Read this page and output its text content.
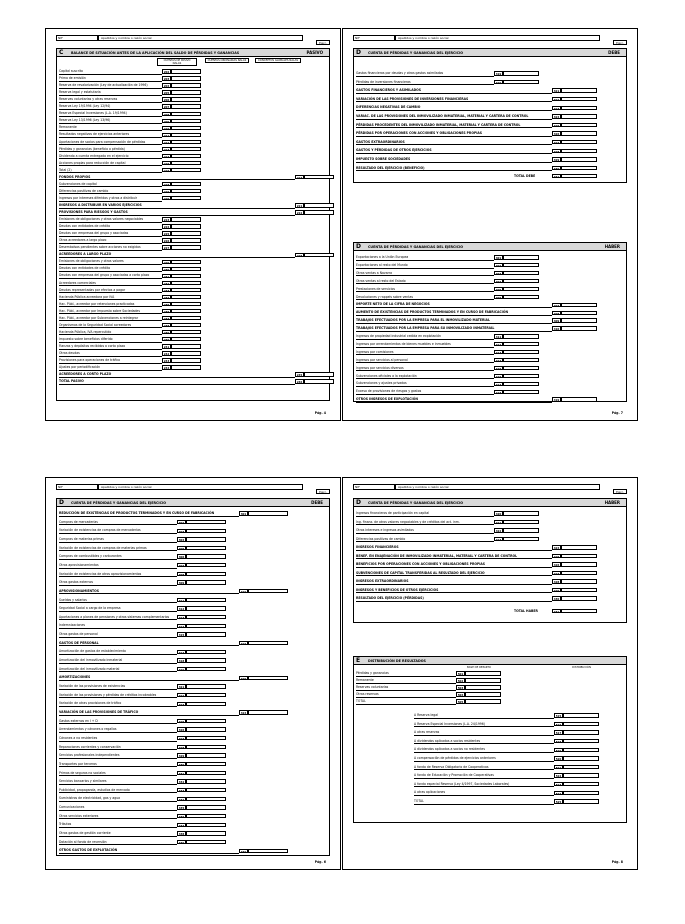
NIF	Apellidos y nombre o razón social
Ejerc.
C BALANCE DE SITUACIÓN ANTES DE LA APLICACIÓN DEL SALDO DE PÉRDIDAS Y GANANCIAS	PASIVO
CUENTAS DE PASIVO NALAS
CUENTAS ORDINARIAS NALAS	CONCEPTOS GLOBALES NALAS
Capital suscrito	202
Prima de emisión	203
Reserva de revalorización (Ley de actualización de 1996)	204
Reserva legal y estatutaria	205
Reservas voluntarias y otras reservas	206
Reserva Ley 19/1994 (Ley 12/94)	207
Reserva Especial Inversiones (L.A. 19/1994)	208
Reserva Ley 13/1996 (Ley 13/96)	209
Remanente	210
Resultados negativos de ejercicios anteriores	211
Aportaciones de socios para compensación de pérdidas	212
Pérdidas y ganancias (beneficio o pérdida)	213
Dividendo a cuenta entregado en el ejercicio	214
Acciones propias para reducción de capital	215
Total (2)	216
FONDOS PROPIOS	217
Subvenciones de capital	218
Diferencias positivas de cambio	219
Ingresos por intereses diferidos y otros a distribuir	220
INGRESOS A DISTRIBUIR EN VARIOS EJERCICIOS	221
PROVISIONES PARA RIESGOS Y GASTOS	222
Emisiones de obligaciones y otros valores negociables	223
Deudas con entidades de crédito	224
Deudas con empresas del grupo y asociadas	225
Otros acreedores a largo plazo	226
Desembolsos pendientes sobre acciones no exigidos	227
ACREEDORES A LARGO PLAZO	228
Emisiones de obligaciones y otros valores	229
Deudas con entidades de crédito	230
Deudas con empresas del grupo y asociadas a corto plazo	231
Acreedores comerciales	232
Deudas representadas por efectos a pagar	233
Hacienda Pública acreedora por IVA	234
Hac. Públ., acreedor por retenciones practicadas	235
Hac. Públ., acreedor por Impuesto sobre Sociedades	236
Hac. Públ., acreedor por Subvenciones a reintegrar	237
Organismos de la Seguridad Social acreedores	238
Hacienda Pública, IVA repercutido	239
Impuesto sobre beneficios diferido	240
Fianzas y depósitos recibidos a corto plazo	241
Otras deudas	242
Provisiones para operaciones de tráfico	243
Ajustes por periodificación	244
ACREEDORES A CORTO PLAZO	245
TOTAL PASIVO	246
Pág. 4
NIF	Apellidos y nombre o razón social
Ejerc.
D CUENTA DE PÉRDIDAS Y GANANCIAS DEL EJERCICIO	DEBE
Gastos financieros por deudas y otros gastos asimilados	319
Pérdidas de inversiones financieras	320
GASTOS FINANCIEROS Y ASIMILADOS	321
VARIACIÓN DE LAS PROVISIONES DE INVERSIONES FINANCIERAS	322
DIFERENCIAS NEGATIVAS DE CAMBIO	323
VARIAC. DE LAS PROVISIONES DEL INMOVILIZADO INMATERIAL, MATERIAL Y CARTERA DE CONTROL	324
PÉRDIDAS PROCEDENTES DEL INMOVILIZADO INMATERIAL, MATERIAL Y CARTERA DE CONTROL	325
PÉRDIDAS POR OPERACIONES CON ACCIONES Y OBLIGACIONES PROPIAS	326
GASTOS EXTRAORDINARIOS	327
GASTOS Y PÉRDIDAS DE OTROS EJERCICIOS	328
IMPUESTO SOBRE SOCIEDADES	329
RESULTADO DEL EJERCICIO (BENEFICIO)	330
TOTAL DEBE	331
D CUENTA DE PÉRDIDAS Y GANANCIAS DEL EJERCICIO	HABER
Exportaciones a la Unión Europea	401
Exportaciones al resto del Mundo	402
Otras ventas a Navarra	403
Otras ventas al resto del Estado	404
Prestaciones de servicios	405
Devoluciones y rappels sobre ventas	406
IMPORTE NETO DE LA CIFRA DE NEGOCIOS	407
AUMENTO DE EXISTENCIAS DE PRODUCTOS TERMINADOS Y EN CURSO DE FABRICACIÓN	408
TRABAJOS EFECTUADOS POR LA EMPRESA PARA EL INMOVILIZADO MATERIAL	409
TRABAJOS EFECTUADOS POR LA EMPRESA PARA SU INMOVILIZADO INMATERIAL	410
Ingresos de propiedad industrial cedida en explotación	411
Ingresos por arrendamientos de bienes muebles e inmuebles	412
Ingresos por comisiones	413
Ingresos por servicios al personal	414
Ingresos por servicios diversos	415
Subvenciones oficiales a la explotación	416
Subvenciones y ajustes privados	417
Exceso de provisiones de riesgos y gastos	418
OTROS INGRESOS DE EXPLOTACIÓN	419
Pág. 7
NIF	Apellidos y nombre o razón social
Ejerc.
D CUENTA DE PÉRDIDAS Y GANANCIAS DEL EJERCICIO	DEBE
REDUCCIÓN DE EXISTENCIAS DE PRODUCTOS TERMINADOS Y EN CURSO DE FABRICACIÓN	301
Compras de mercaderías	302
Variación de existencias de compras de mercaderías	303
Compras de materias primas	304
Variación de existencias de compras de materias primas	305
Compras de combustibles y carburantes	306
Otros aprovisionamientos	307
Variación de existencias de otros aprovisionamientos	308
Otros gastos externos	309
APROVISIONAMIENTOS	310
Sueldos y salarios	311
Seguridad Social a cargo de la empresa	312
Aportaciones a planes de pensiones y otros sistemas complementarios	313
Indemnizaciones	314
Otros gastos de personal	315
GASTOS DE PERSONAL	316
Amortización de gastos de establecimiento	317
Amortización del inmovilizado inmaterial	318
Amortización del inmovilizado material	319
AMORTIZACIONES	320
Variación de las provisiones de existencias	321
Variación de las provisiones y pérdidas de créditos incobrables	322
Variación de otras provisiones de tráfico	323
VARIACIÓN DE LAS PROVISIONES DE TRÁFICO	324
Gastos externos en I + D	325
Arrendamientos y cánones o regalías	326
Cánones a no residentes	327
Reparaciones corrientes y conservación	328
Servicios profesionales independientes	329
Transportes por terceros	330
Primas de seguros no sociales	331
Servicios bancarios y similares	332
Publicidad, propaganda, estudios de mercado	333
Suministros de electricidad, gas y agua	334
Comunicaciones	335
Otros servicios exteriores	336
Tributos	337
Otros gastos de gestión corriente	338
Dotación al fondo de reversión	339
OTROS GASTOS DE EXPLOTACIÓN	340
Pág. 6
NIF	Apellidos y nombre o razón social
Ejerc.
D CUENTA DE PÉRDIDAS Y GANANCIAS DEL EJERCICIO	HABER
Ingresos financieros de participación en capital	420
Ing. finanz. de otros valores negociables y de créditos del act. inm.	421
Otros intereses e ingresos asimilados	422
Diferencias positivas de cambio	423
INGRESOS FINANCIEROS	424
BENEF. EN ENAJENACIÓN DE INMOVILIZADO INMATERIAL, MATERIAL Y CARTERA DE CONTROL	425
BENEFICIOS POR OPERACIONES CON ACCIONES Y OBLIGACIONES PROPIAS	426
SUBVENCIONES DE CAPITAL TRANSFERIDAS AL RESULTADO DEL EJERCICIO	427
INGRESOS EXTRAORDINARIOS	428
INGRESOS Y BENEFICIOS DE OTROS EJERCICIOS	429
RESULTADO DEL EJERCICIO (PÉRDIDAS)	430
TOTAL HABER	431
E DISTRIBUCIÓN DE RESULTADOS
BASE DE REPARTO	DISTRIBUCIÓN
Pérdidas y ganancias	501
Remanente	502
Reservas voluntarias	503
Otras reservas	504
TOTAL	505
A Reserva legal	515
A Reserva Especial Inversiones (L.A. 24/1996)	516
A otras reservas	517
A dividendos aplicados a socios residentes	518
A dividendos aplicados a socios no residentes	519
A compensación de pérdidas de ejercicios anteriores	520
A fondo de Reserva Obligatorio de Cooperativas	521
A fondo de Educación y Promoción de Cooperativas	522
A fondo especial Reserva (Ley 4/1997, Sociedades Laborales)	523
A otras aplicaciones	524
TOTAL	525
Pág. 8
